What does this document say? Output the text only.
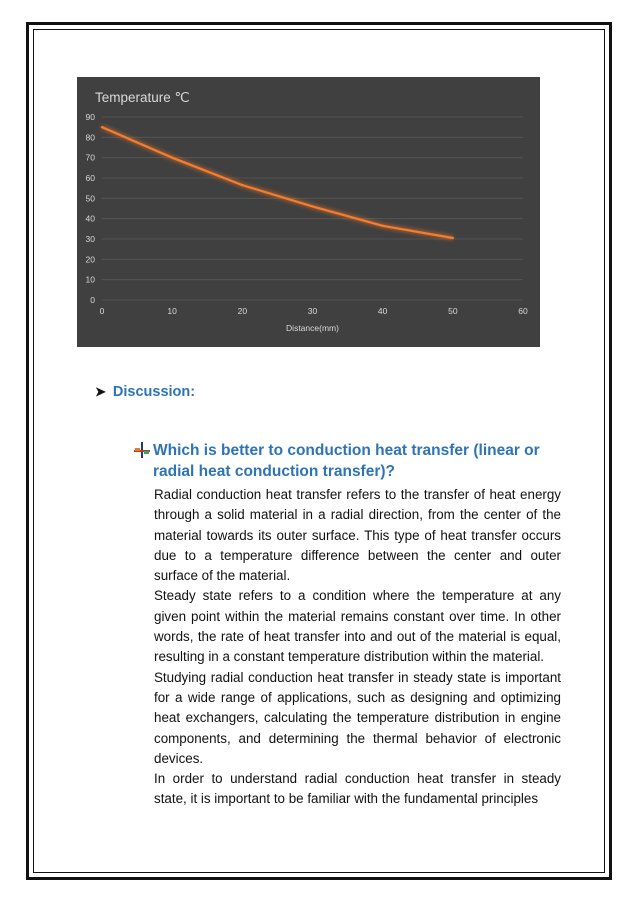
Temperature ℃
0
10
20
30
40
50
60
70
80
90
0	10	20	30	40	50	60
Distance(mm)
➤ Discussion:
Which is better to conduction heat transfer (linear or
radial heat conduction transfer)?

Radial conduction heat transfer refers to the transfer of heat energy through a solid material in a radial direction, from the center of the material towards its outer surface. This type of heat transfer occurs due to a temperature difference between the center and outer surface of the material.

Steady state refers to a condition where the temperature at any given point within the material remains constant over time. In other words, the rate of heat transfer into and out of the material is equal, resulting in a constant temperature distribution within the material.

Studying radial conduction heat transfer in steady state is important for a wide range of applications, such as designing and optimizing heat exchangers, calculating the temperature distribution in engine components, and determining the thermal behavior of electronic devices.

In order to understand radial conduction heat transfer in steady state, it is important to be familiar with the fundamental principles
